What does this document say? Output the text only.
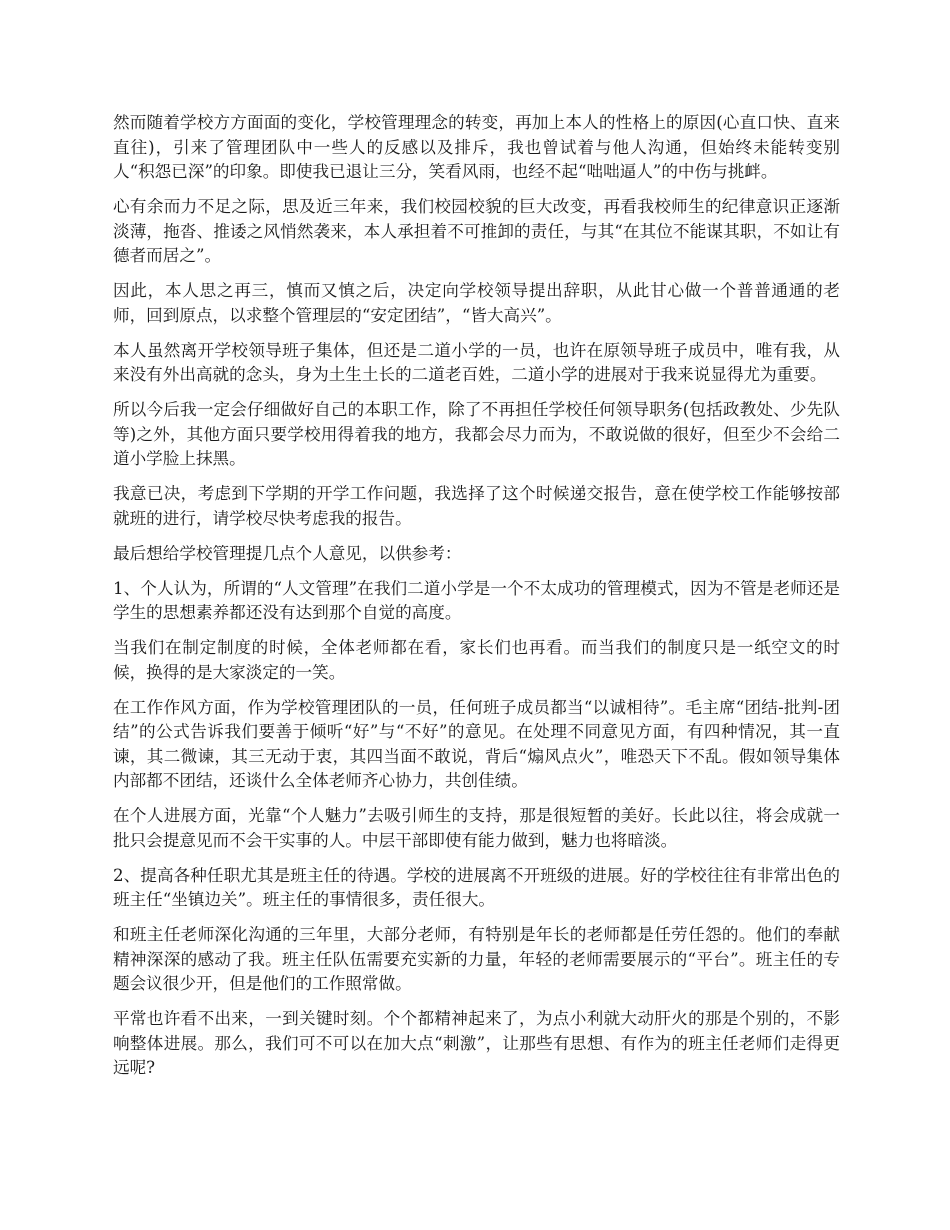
然而随着学校方方面面的变化，学校管理理念的转变，再加上本人的性格上的原因(心直口快、直来直往)，引来了管理团队中一些人的反感以及排斥，我也曾试着与他人沟通，但始终未能转变别人“积怨已深”的印象。即使我已退让三分，笑看风雨，也经不起“咄咄逼人”的中伤与挑衅。

心有余而力不足之际，思及近三年来，我们校园校貌的巨大改变，再看我校师生的纪律意识正逐渐淡薄，拖沓、推诿之风悄然袭来，本人承担着不可推卸的责任，与其“在其位不能谋其职，不如让有德者而居之”。

因此，本人思之再三，慎而又慎之后，决定向学校领导提出辞职，从此甘心做一个普普通通的老师，回到原点，以求整个管理层的“安定团结”，“皆大高兴”。

本人虽然离开学校领导班子集体，但还是二道小学的一员，也许在原领导班子成员中，唯有我，从来没有外出高就的念头，身为土生土长的二道老百姓，二道小学的进展对于我来说显得尤为重要。

所以今后我一定会仔细做好自己的本职工作，除了不再担任学校任何领导职务(包括政教处、少先队等)之外，其他方面只要学校用得着我的地方，我都会尽力而为，不敢说做的很好，但至少不会给二道小学脸上抹黑。

我意已决，考虑到下学期的开学工作问题，我选择了这个时候递交报告，意在使学校工作能够按部就班的进行，请学校尽快考虑我的报告。

最后想给学校管理提几点个人意见，以供参考：

1、个人认为，所谓的“人文管理”在我们二道小学是一个不太成功的管理模式，因为不管是老师还是学生的思想素养都还没有达到那个自觉的高度。

当我们在制定制度的时候，全体老师都在看，家长们也再看。而当我们的制度只是一纸空文的时候，换得的是大家淡定的一笑。

在工作作风方面，作为学校管理团队的一员，任何班子成员都当“以诚相待”。毛主席“团结-批判-团结”的公式告诉我们要善于倾听“好”与“不好”的意见。在处理不同意见方面，有四种情况，其一直谏，其二微谏，其三无动于衷，其四当面不敢说，背后“煽风点火”，唯恐天下不乱。假如领导集体内部都不团结，还谈什么全体老师齐心协力，共创佳绩。

在个人进展方面，光靠“个人魅力”去吸引师生的支持，那是很短暂的美好。长此以往，将会成就一批只会提意见而不会干实事的人。中层干部即使有能力做到，魅力也将暗淡。

2、提高各种任职尤其是班主任的待遇。学校的进展离不开班级的进展。好的学校往往有非常出色的班主任“坐镇边关”。班主任的事情很多，责任很大。

和班主任老师深化沟通的三年里，大部分老师，有特别是年长的老师都是任劳任怨的。他们的奉献精神深深的感动了我。班主任队伍需要充实新的力量，年轻的老师需要展示的“平台”。班主任的专题会议很少开，但是他们的工作照常做。

平常也许看不出来，一到关键时刻。个个都精神起来了，为点小利就大动肝火的那是个别的，不影响整体进展。那么，我们可不可以在加大点“刺激”，让那些有思想、有作为的班主任老师们走得更远呢?
